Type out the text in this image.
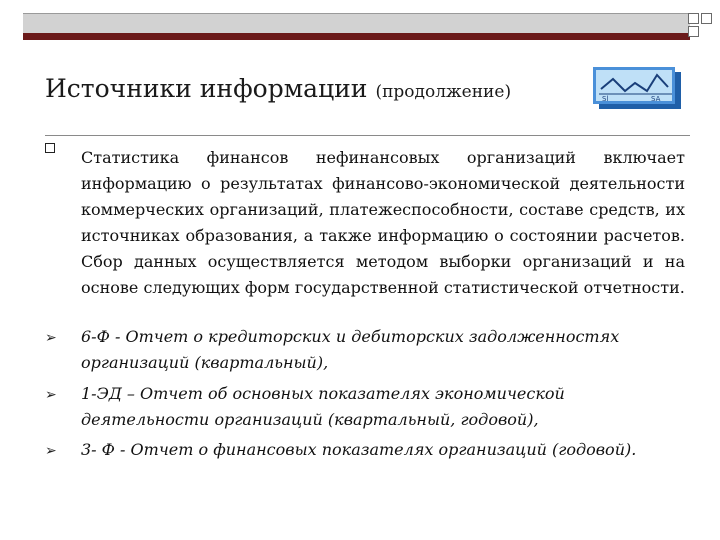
Источники информации (продолжение)	Sl	SA
Статистика финансов нефинансовых организаций включает информацию о результатах финансово-экономической деятельности коммерческих организаций, платежеспособности, составе средств, их источниках образования, а также информацию о состоянии расчетов. Сбор данных осуществляется методом выборки организаций и на основе следующих форм государственной статистической отчетности.
➢ 6-Ф - Отчет о кредиторских и дебиторских задолженностях организаций (квартальный),
➢ 1-ЭД – Отчет об основных показателях экономической деятельности организаций (квартальный, годовой),
➢ 3- Ф - Отчет о финансовых показателях организаций (годовой).
